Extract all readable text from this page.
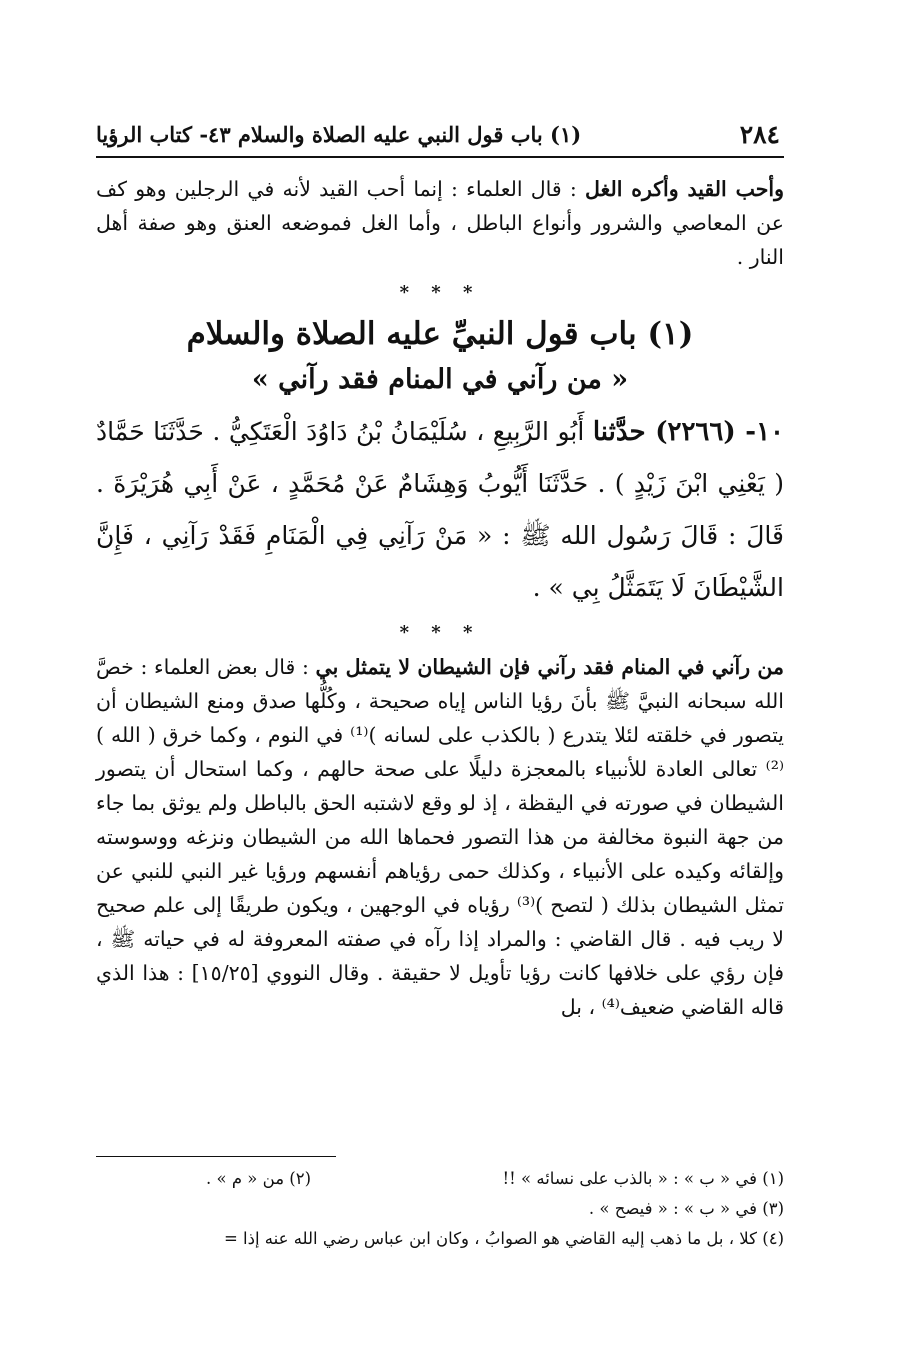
٢٨٤
(١) باب قول النبي عليه الصلاة والسلام ٤٣- كتاب الرؤيا

وأحب القيد وأكره الغل : قال العلماء : إنما أحب القيد لأنه في الرجلين وهو كف عن المعاصي والشرور وأنواع الباطل ، وأما الغل فموضعه العنق وهو صفة أهل النار .

* * *
(١) باب قول النبيِّ عليه الصلاة والسلام
« من رآني في المنام فقد رآني »

١٠- (٢٢٦٦) حدَّثنا أَبُو الرَّبِيعِ ، سُلَيْمَانُ بْنُ دَاوُدَ الْعَتَكِيُّ . حَدَّثَنَا حَمَّادٌ ( يَعْنِي ابْنَ زَيْدٍ ) . حَدَّثَنَا أَيُّوبُ وَهِشَامٌ عَنْ مُحَمَّدٍ ، عَنْ أَبِي هُرَيْرَةَ . قَالَ : قَالَ رَسُول الله ﷺ : « مَنْ رَآنِي فِي الْمَنَامِ فَقَدْ رَآنِي ، فَإِنَّ الشَّيْطَانَ لَا يَتَمَثَّلُ بِي » .

* * *

من رآني في المنام فقد رآني فإن الشيطان لا يتمثل بي : قال بعض العلماء : خصَّ الله سبحانه النبيَّ ﷺ بأنَ رؤيا الناس إياه صحيحة ، وكُلُّها صدق ومنع الشيطان أن يتصور في خلقته لئلا يتدرع ( بالكذب على لسانه )⁽¹⁾ في النوم ، وكما خرق ( الله )⁽²⁾ تعالى العادة للأنبياء بالمعجزة دليلًا على صحة حالهم ، وكما استحال أن يتصور الشيطان في صورته في اليقظة ، إذ لو وقع لاشتبه الحق بالباطل ولم يوثق بما جاء من جهة النبوة مخالفة من هذا التصور فحماها الله من الشيطان ونزغه ووسوسته وإلقائه وكيده على الأنبياء ، وكذلك حمى رؤياهم أنفسهم ورؤيا غير النبي للنبي عن تمثل الشيطان بذلك ( لتصح )⁽³⁾ رؤياه في الوجهين ، ويكون طريقًا إلى علم صحيح لا ريب فيه . قال القاضي : والمراد إذا رآه في صفته المعروفة له في حياته ﷺ ، فإن رؤي على خلافها كانت رؤيا تأويل لا حقيقة . وقال النووي [١٥/٢٥] : هذا الذي قاله القاضي ضعيف⁽⁴⁾ ، بل

(١) في « ب » : « بالذب على نسائه » !!
(٢) من « م » .
(٣) في « ب » : « فيصح » .
(٤) كلا ، بل ما ذهب إليه القاضي هو الصوابُ ، وكان ابن عباس رضي الله عنه إذا =
